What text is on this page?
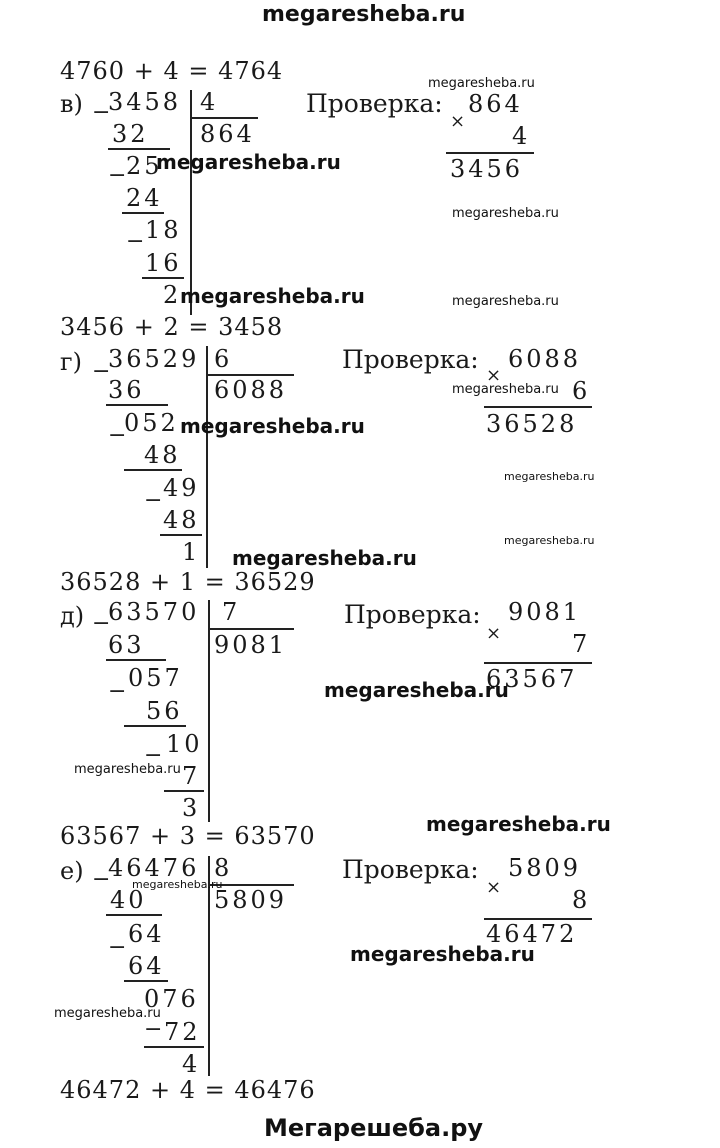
megaresheba.ru
Мегарешеба.ру
4760 + 4 = 4764
в) −
3458 4
864
32
− 25
24
− 18
16
2
Проверка:
×
864
4
3456
3456 + 2 = 3458
г) −
36529 6
6088
36
−
052
48
− 49
48
1
Проверка:
×
6088
6
36528
36528 + 1 = 36529
д) −
63570 7
9081
63
− 057
56
− 10
7
3
Проверка:
×
9081
7
63567
63567 + 3 = 63570
е) −
46476 8
5809
40
− 64
64
076
− 72
4
Проверка:
×
5809
8
46472
46472 + 4 = 46476
megaresheba.ru
megaresheba.ru
megaresheba.ru
megaresheba.ru	megaresheba.ru
megaresheba.ru
megaresheba.ru
megaresheba.ru
megaresheba.ru
megaresheba.ru
megaresheba.ru
megaresheba.ru
megaresheba.ru
megaresheba.ru
megaresheba.ru
megaresheba.ru
